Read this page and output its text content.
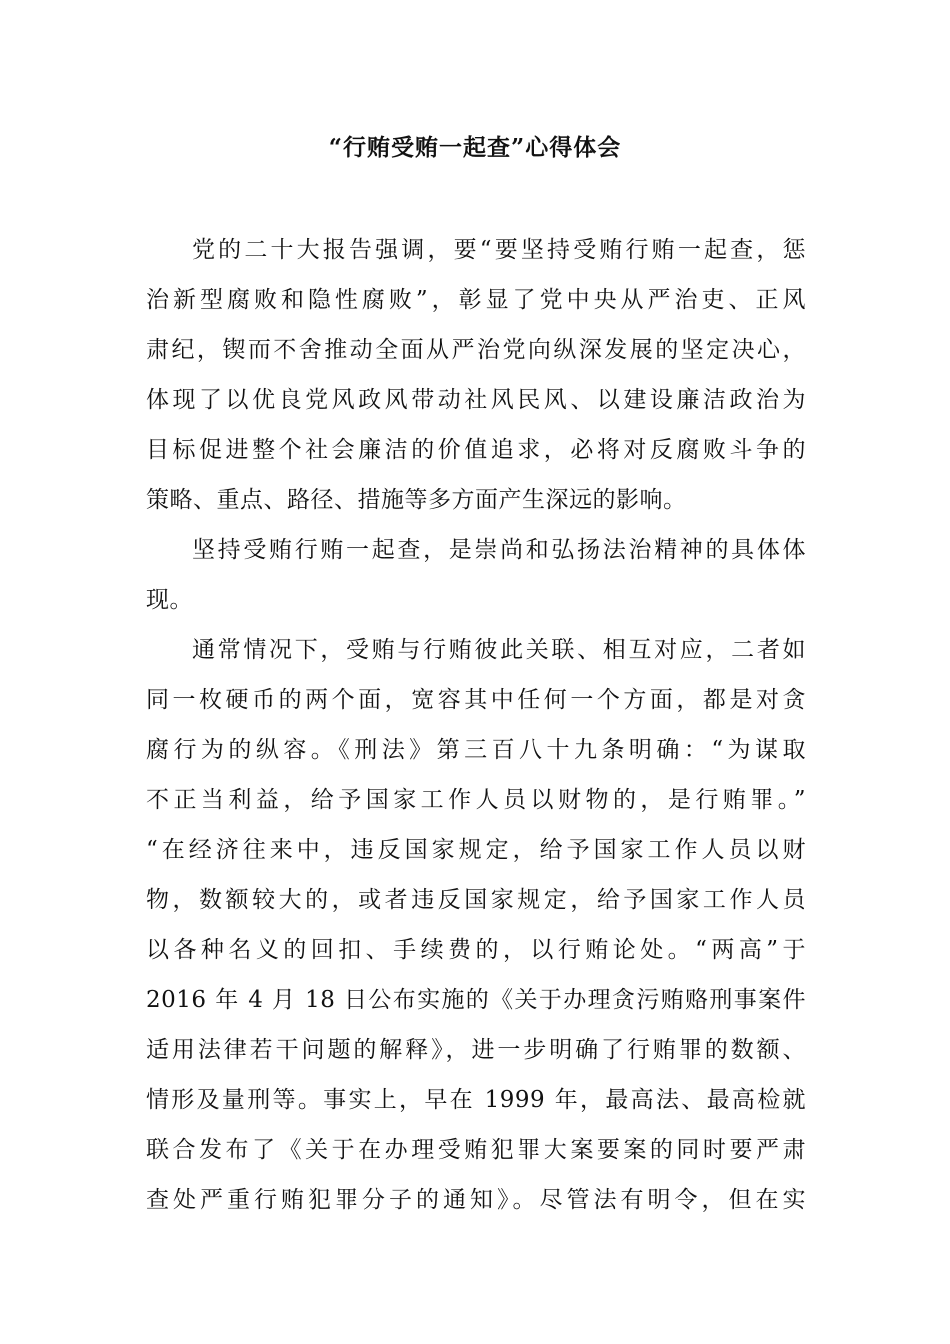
“行贿受贿一起查”心得体会
党的二十大报告强调，要“要坚持受贿行贿一起查，惩
治新型腐败和隐性腐败”，彰显了党中央从严治吏、正风
肃纪，锲而不舍推动全面从严治党向纵深发展的坚定决心，
体现了以优良党风政风带动社风民风、以建设廉洁政治为
目标促进整个社会廉洁的价值追求，必将对反腐败斗争的
策略、重点、路径、措施等多方面产生深远的影响。
坚持受贿行贿一起查，是崇尚和弘扬法治精神的具体体
现。
通常情况下，受贿与行贿彼此关联、相互对应，二者如
同一枚硬币的两个面，宽容其中任何一个方面，都是对贪
腐行为的纵容。《刑法》第三百八十九条明确：“为谋取
不正当利益，给予国家工作人员以财物的，是行贿罪。”
“在经济往来中，违反国家规定，给予国家工作人员以财
物，数额较大的，或者违反国家规定，给予国家工作人员
以各种名义的回扣、手续费的，以行贿论处。“两高”于
2016 年 4 月 18 日公布实施的《关于办理贪污贿赂刑事案件
适用法律若干问题的解释》，进一步明确了行贿罪的数额、
情形及量刑等。事实上，早在 1999 年，最高法、最高检就
联合发布了《关于在办理受贿犯罪大案要案的同时要严肃
查处严重行贿犯罪分子的通知》。尽管法有明令，但在实
